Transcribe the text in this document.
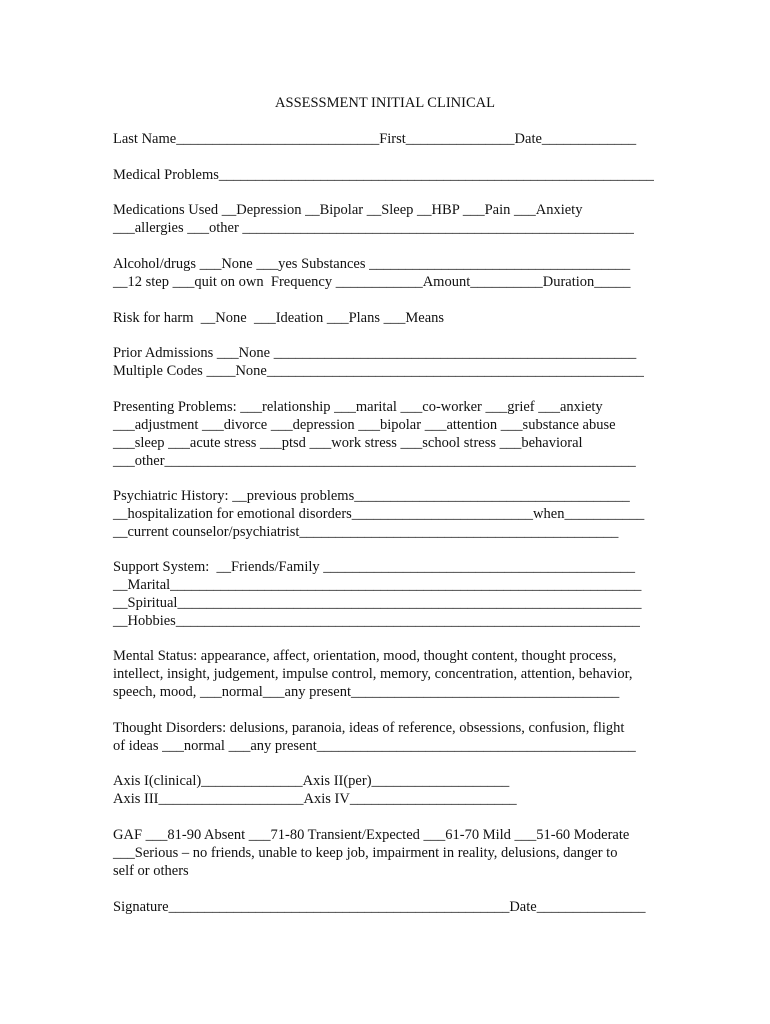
ASSESSMENT INITIAL CLINICAL
Last Name____________________________First_______________Date_____________
Medical Problems____________________________________________________________
Medications Used __Depression __Bipolar __Sleep __HBP ___Pain ___Anxiety
___allergies ___other ______________________________________________________
Alcohol/drugs ___None ___yes Substances ____________________________________
__12 step ___quit on own  Frequency ____________Amount__________Duration_____
Risk for harm  __None  ___Ideation ___Plans ___Means
Prior Admissions ___None __________________________________________________
Multiple Codes ____None____________________________________________________
Presenting Problems: ___relationship ___marital ___co-worker ___grief ___anxiety
___adjustment ___divorce ___depression ___bipolar ___attention ___substance abuse
___sleep ___acute stress ___ptsd ___work stress ___school stress ___behavioral
___other_________________________________________________________________
Psychiatric History: __previous problems______________________________________
__hospitalization for emotional disorders_________________________when___________
__current counselor/psychiatrist____________________________________________
Support System:  __Friends/Family ___________________________________________
__Marital_________________________________________________________________
__Spiritual________________________________________________________________
__Hobbies________________________________________________________________
Mental Status: appearance, affect, orientation, mood, thought content, thought process,
intellect, insight, judgement, impulse control, memory, concentration, attention, behavior,
speech, mood, ___normal___any present_____________________________________
Thought Disorders: delusions, paranoia, ideas of reference, obsessions, confusion, flight
of ideas ___normal ___any present____________________________________________
Axis I(clinical)______________Axis II(per)___________________
Axis III____________________Axis IV_______________________
GAF ___81-90 Absent ___71-80 Transient/Expected ___61-70 Mild ___51-60 Moderate
___Serious – no friends, unable to keep job, impairment in reality, delusions, danger to
self or others
Signature_______________________________________________Date_______________
